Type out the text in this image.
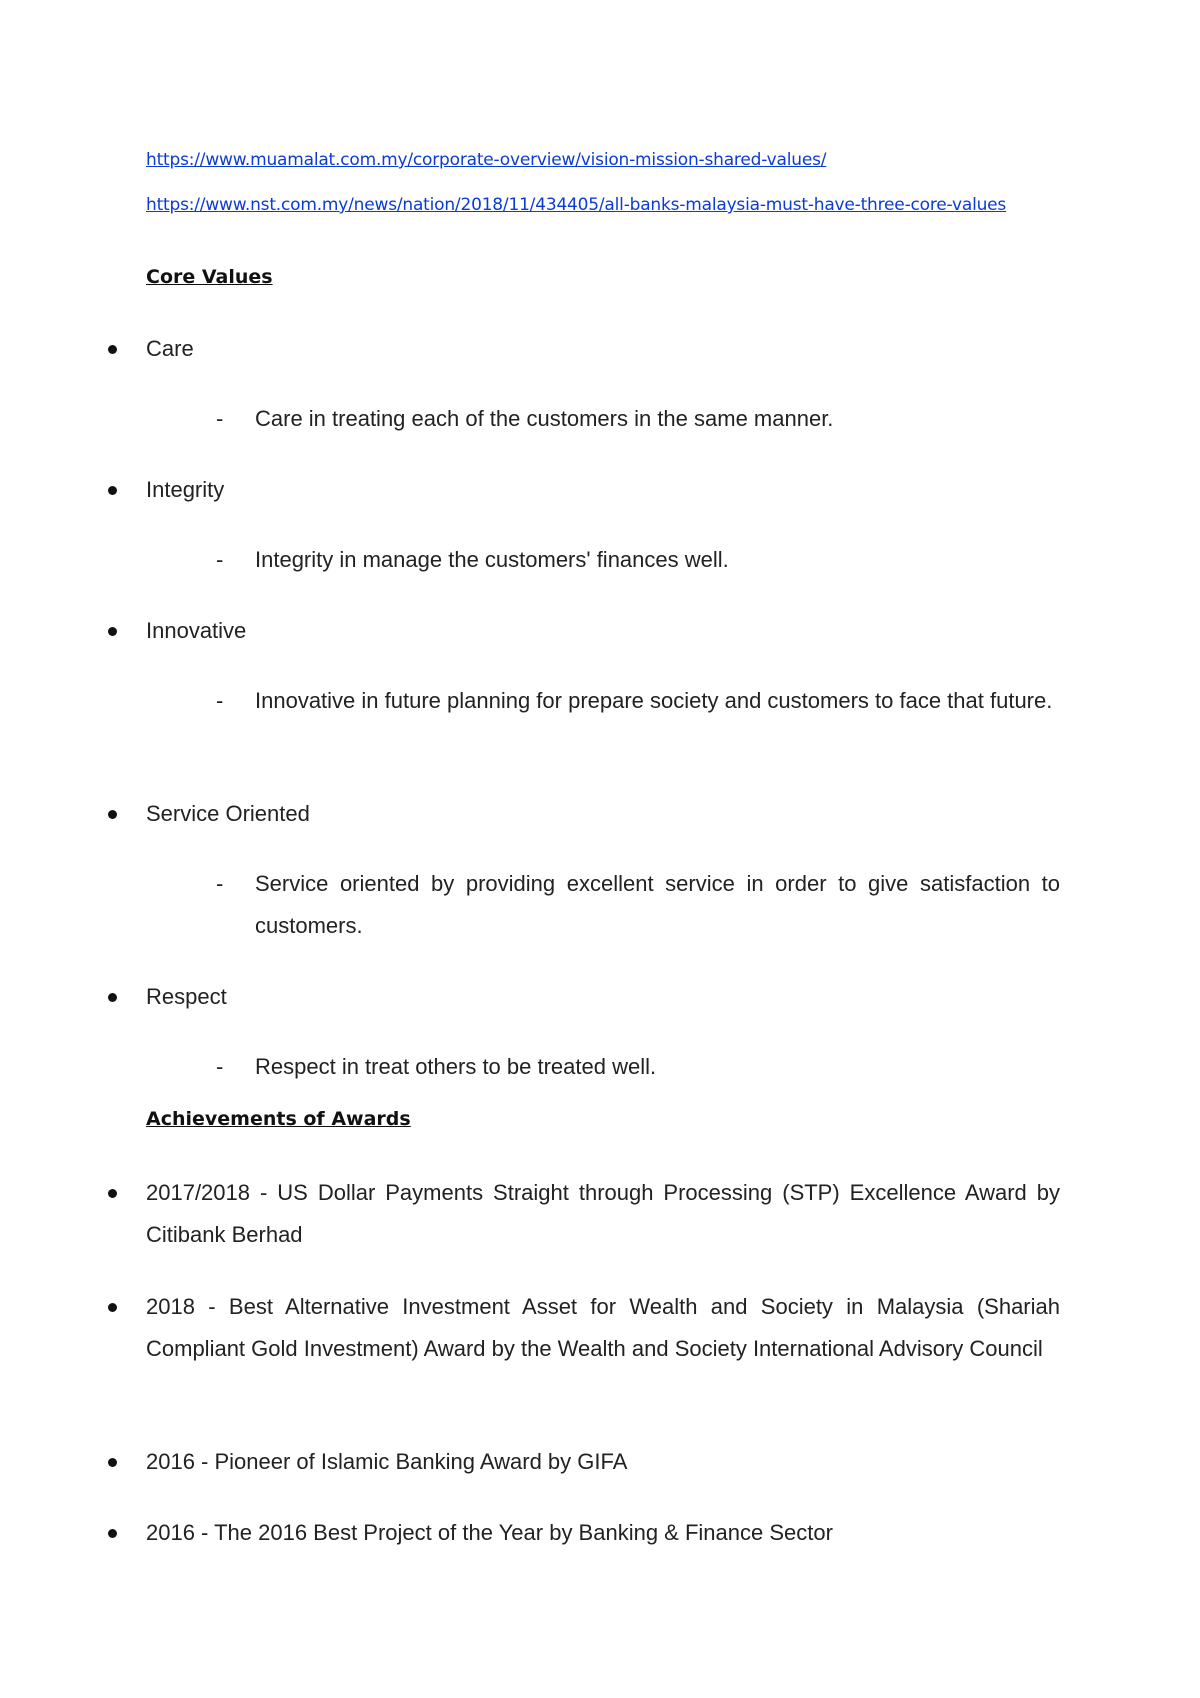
https://www.muamalat.com.my/corporate-overview/vision-mission-shared-values/
https://www.nst.com.my/news/nation/2018/11/434405/all-banks-malaysia-must-have-three-core-values
Core Values
Care
- Care in treating each of the customers in the same manner.
Integrity
- Integrity in manage the customers' finances well.
Innovative
- Innovative in future planning for prepare society and customers to face that future.
Service Oriented
- Service oriented by providing excellent service in order to give satisfaction to customers.
Respect
- Respect in treat others to be treated well.
Achievements of Awards
2017/2018 - US Dollar Payments Straight through Processing (STP) Excellence Award by Citibank Berhad
2018 - Best Alternative Investment Asset for Wealth and Society in Malaysia (Shariah Compliant Gold Investment) Award by the Wealth and Society International Advisory Council
2016 - Pioneer of Islamic Banking Award by GIFA
2016 - The 2016 Best Project of the Year by Banking & Finance Sector
